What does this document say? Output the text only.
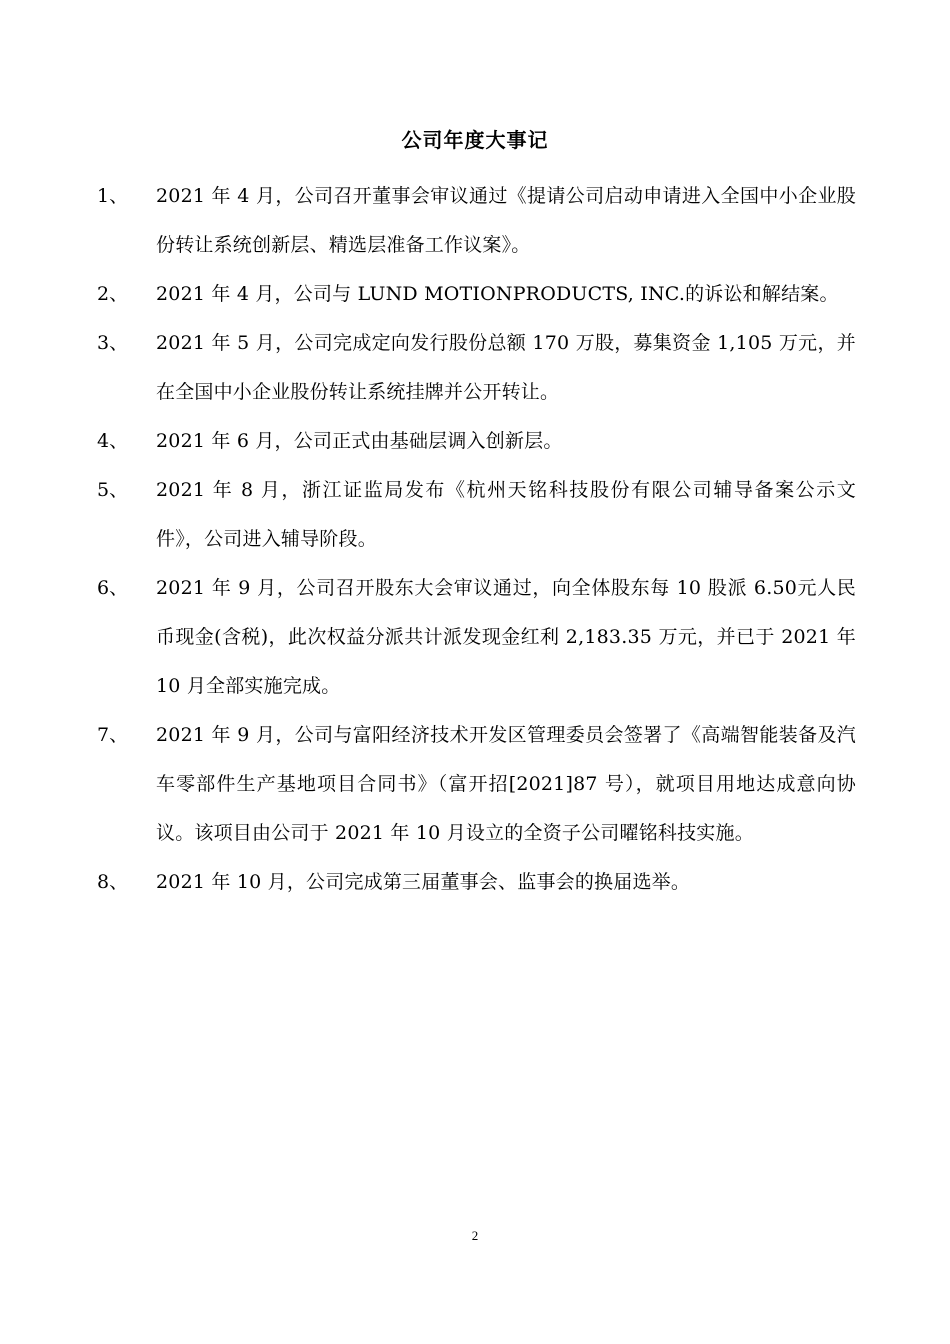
公司年度大事记
1、 2021 年 4 月，公司召开董事会审议通过《提请公司启动申请进入全国中小企业股份转让系统创新层、精选层准备工作议案》。
2、 2021 年 4 月，公司与 LUND MOTIONPRODUCTS, INC.的诉讼和解结案。
3、 2021 年 5 月，公司完成定向发行股份总额 170 万股，募集资金 1,105 万元，并在全国中小企业股份转让系统挂牌并公开转让。
4、 2021 年 6 月，公司正式由基础层调入创新层。
5、 2021 年 8 月，浙江证监局发布《杭州天铭科技股份有限公司辅导备案公示文件》，公司进入辅导阶段。
6、 2021 年 9 月，公司召开股东大会审议通过，向全体股东每 10 股派 6.50元人民币现金(含税)，此次权益分派共计派发现金红利 2,183.35 万元，并已于 2021 年 10 月全部实施完成。
7、 2021 年 9 月，公司与富阳经济技术开发区管理委员会签署了《高端智能装备及汽车零部件生产基地项目合同书》（富开招[2021]87 号），就项目用地达成意向协议。该项目由公司于 2021 年 10 月设立的全资子公司曜铭科技实施。
8、 2021 年 10 月，公司完成第三届董事会、监事会的换届选举。
2
